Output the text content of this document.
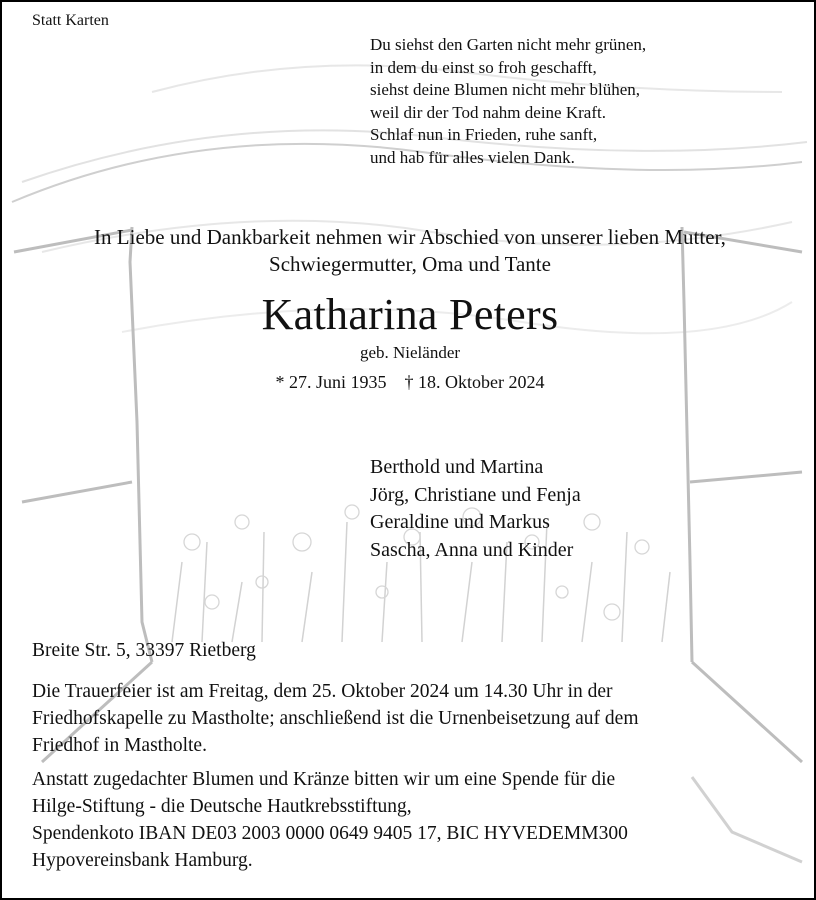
Statt Karten
Du siehst den Garten nicht mehr grünen,
in dem du einst so froh geschafft,
siehst deine Blumen nicht mehr blühen,
weil dir der Tod nahm deine Kraft.
Schlaf nun in Frieden, ruhe sanft,
und hab für alles vielen Dank.
In Liebe und Dankbarkeit nehmen wir Abschied von unserer lieben Mutter,
Schwiegermutter, Oma und Tante
Katharina Peters
geb. Nieländer
* 27. Juni 1935 † 18. Oktober 2024
Berthold und Martina
Jörg, Christiane und Fenja
Geraldine und Markus
Sascha, Anna und Kinder
Breite Str. 5, 33397 Rietberg
Die Trauerfeier ist am Freitag, dem 25. Oktober 2024 um 14.30 Uhr in der
Friedhofskapelle zu Mastholte; anschließend ist die Urnenbeisetzung auf dem
Friedhof in Mastholte.
Anstatt zugedachter Blumen und Kränze bitten wir um eine Spende für die
Hilge-Stiftung - die Deutsche Hautkrebsstiftung,
Spendenkoto IBAN DE03 2003 0000 0649 9405 17, BIC HYVEDEMM300
Hypovereinsbank Hamburg.
